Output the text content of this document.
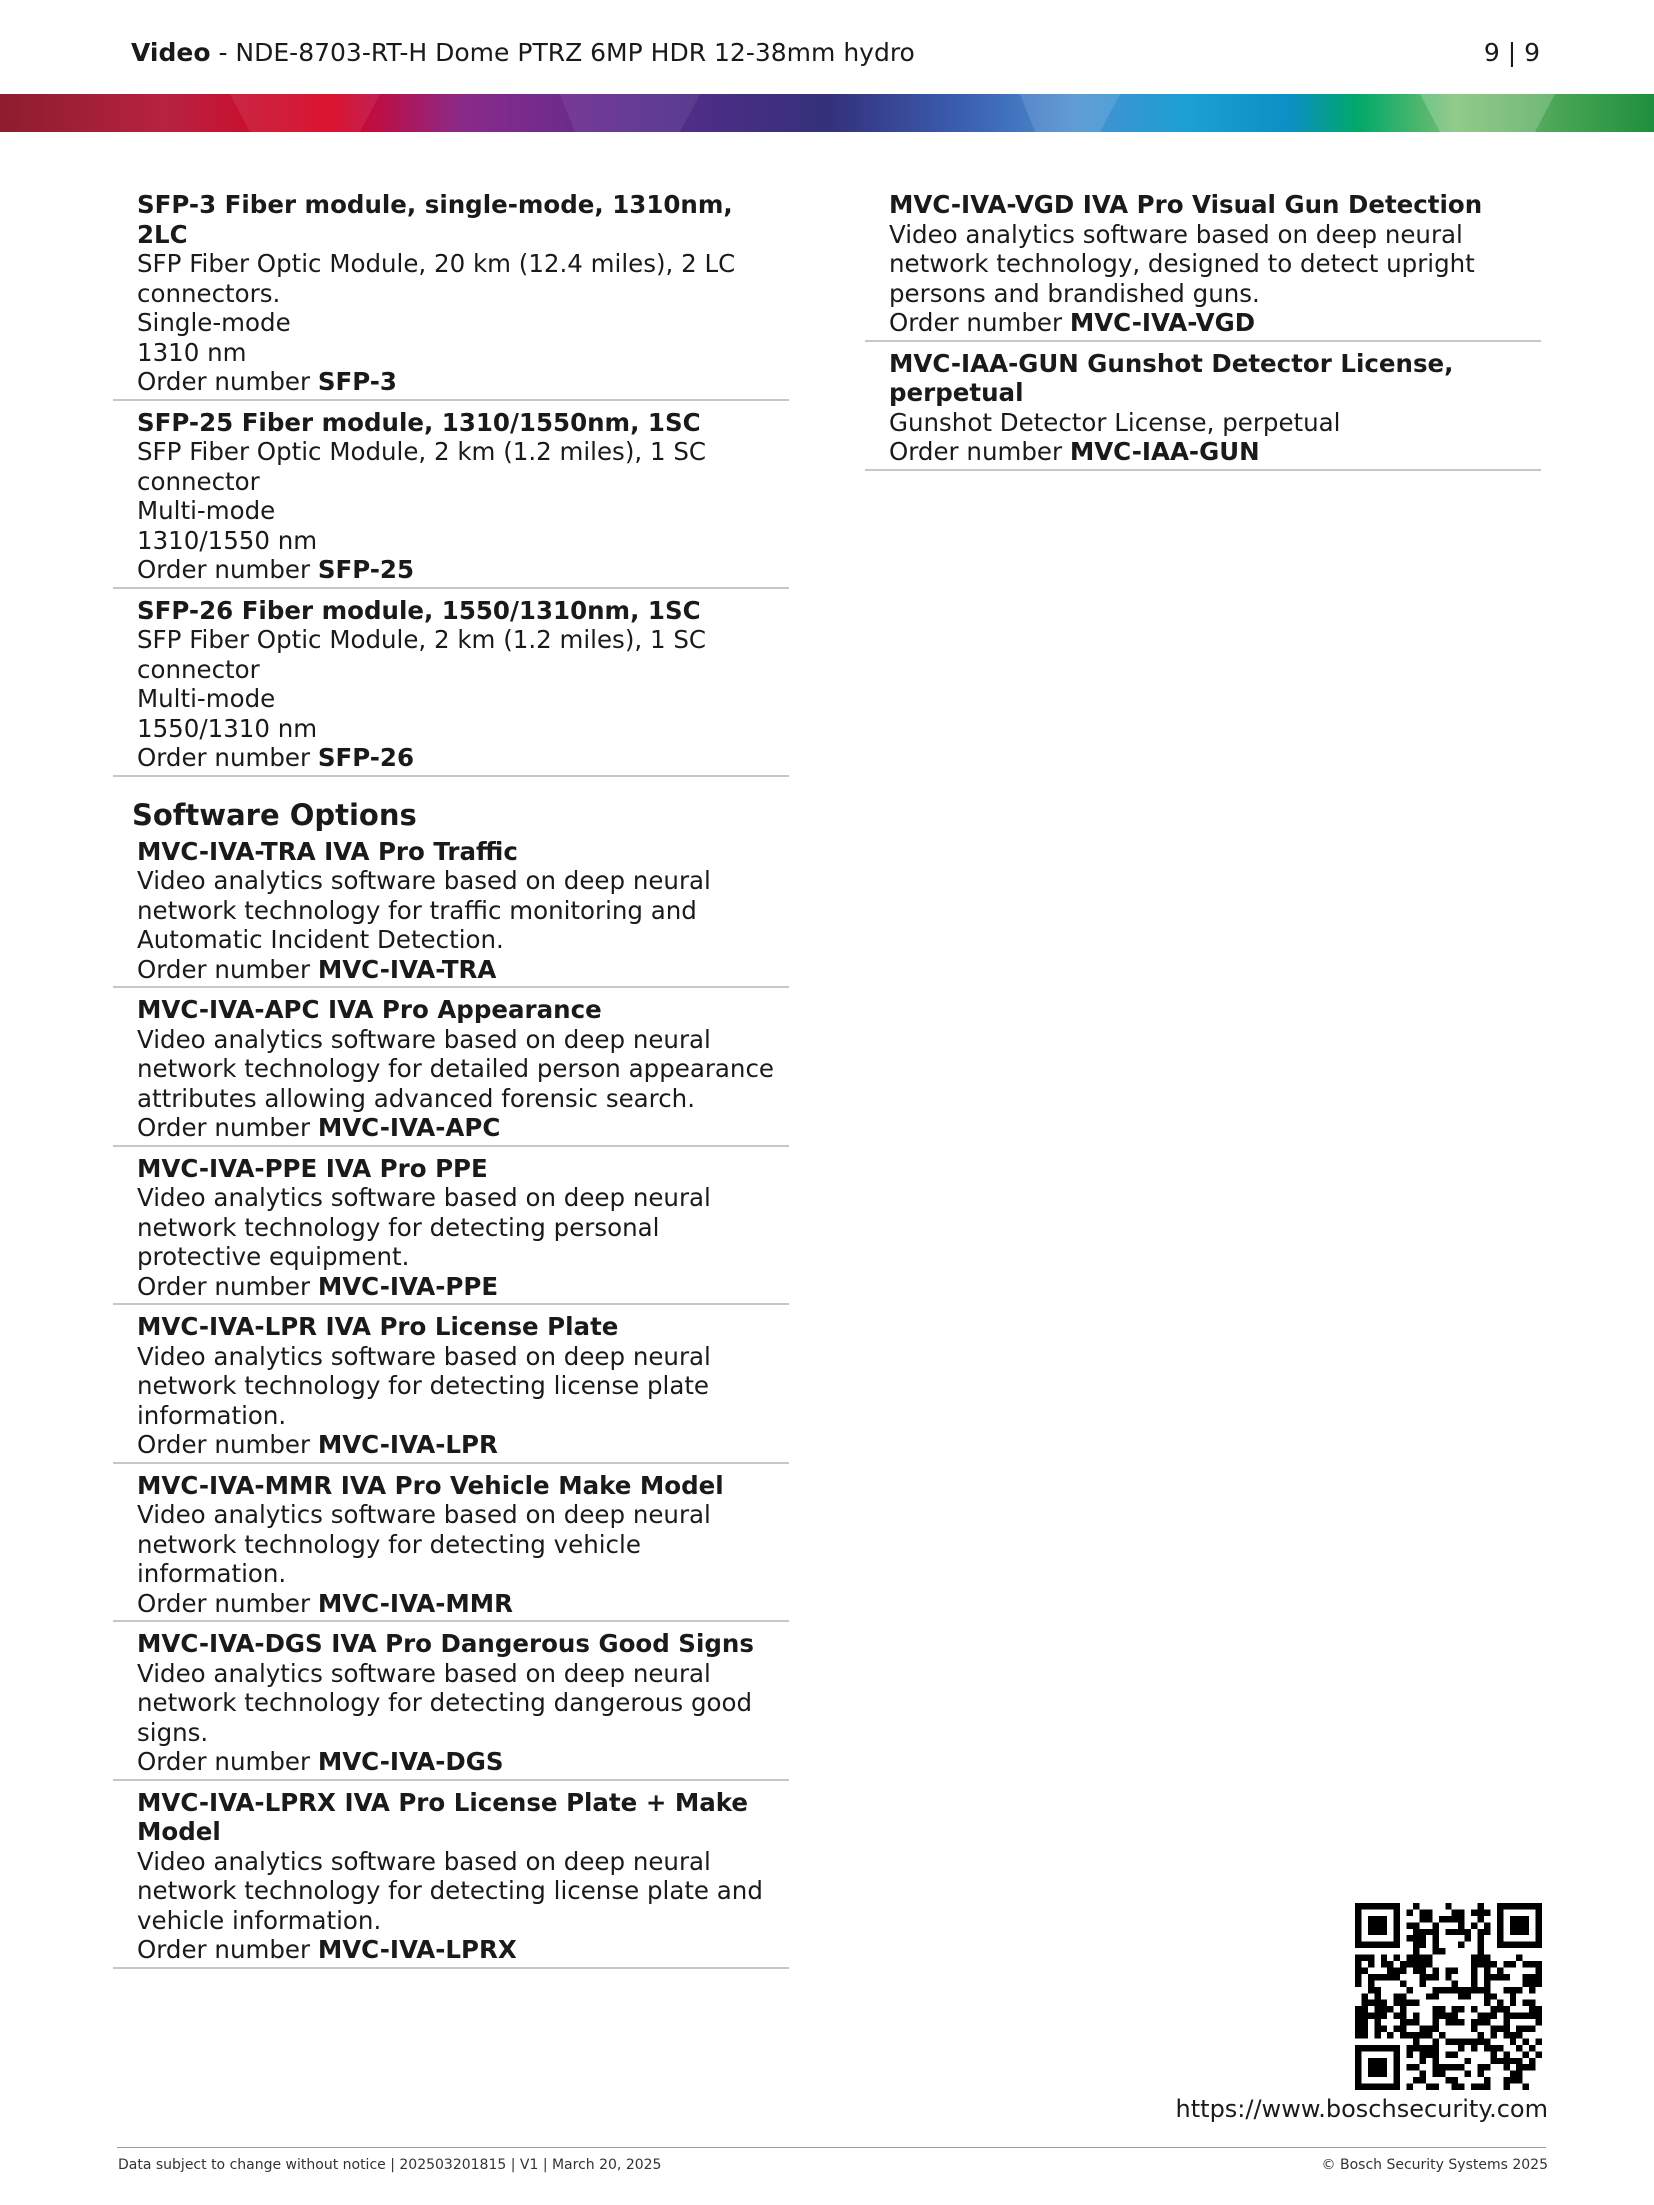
Video - NDE-8703-RT-H Dome PTRZ 6MP HDR 12-38mm hydro	9 | 9
SFP-3 Fiber module, single-mode, 1310nm, 2LC
SFP Fiber Optic Module, 20 km (12.4 miles), 2 LC connectors.
Single-mode
1310 nm
Order number SFP-3
SFP-25 Fiber module, 1310/1550nm, 1SC
SFP Fiber Optic Module, 2 km (1.2 miles), 1 SC connector
Multi-mode
1310/1550 nm
Order number SFP-25
SFP-26 Fiber module, 1550/1310nm, 1SC
SFP Fiber Optic Module, 2 km (1.2 miles), 1 SC connector
Multi-mode
1550/1310 nm
Order number SFP-26
Software Options
MVC-IVA-TRA IVA Pro Traffic
Video analytics software based on deep neural network technology for traffic monitoring and Automatic Incident Detection.
Order number MVC-IVA-TRA
MVC-IVA-APC IVA Pro Appearance
Video analytics software based on deep neural network technology for detailed person appearance attributes allowing advanced forensic search.
Order number MVC-IVA-APC
MVC-IVA-PPE IVA Pro PPE
Video analytics software based on deep neural network technology for detecting personal protective equipment.
Order number MVC-IVA-PPE
MVC-IVA-LPR IVA Pro License Plate
Video analytics software based on deep neural network technology for detecting license plate information.
Order number MVC-IVA-LPR
MVC-IVA-MMR IVA Pro Vehicle Make Model
Video analytics software based on deep neural network technology for detecting vehicle information.
Order number MVC-IVA-MMR
MVC-IVA-DGS IVA Pro Dangerous Good Signs
Video analytics software based on deep neural network technology for detecting dangerous good signs.
Order number MVC-IVA-DGS
MVC-IVA-LPRX IVA Pro License Plate + Make Model
Video analytics software based on deep neural network technology for detecting license plate and vehicle information.
Order number MVC-IVA-LPRX
MVC-IVA-VGD IVA Pro Visual Gun Detection
Video analytics software based on deep neural network technology, designed to detect upright persons and brandished guns.
Order number MVC-IVA-VGD
MVC-IAA-GUN Gunshot Detector License, perpetual
Gunshot Detector License, perpetual
Order number MVC-IAA-GUN
https://www.boschsecurity.com
Data subject to change without notice | 202503201815 | V1 | March 20, 2025	© Bosch Security Systems 2025
